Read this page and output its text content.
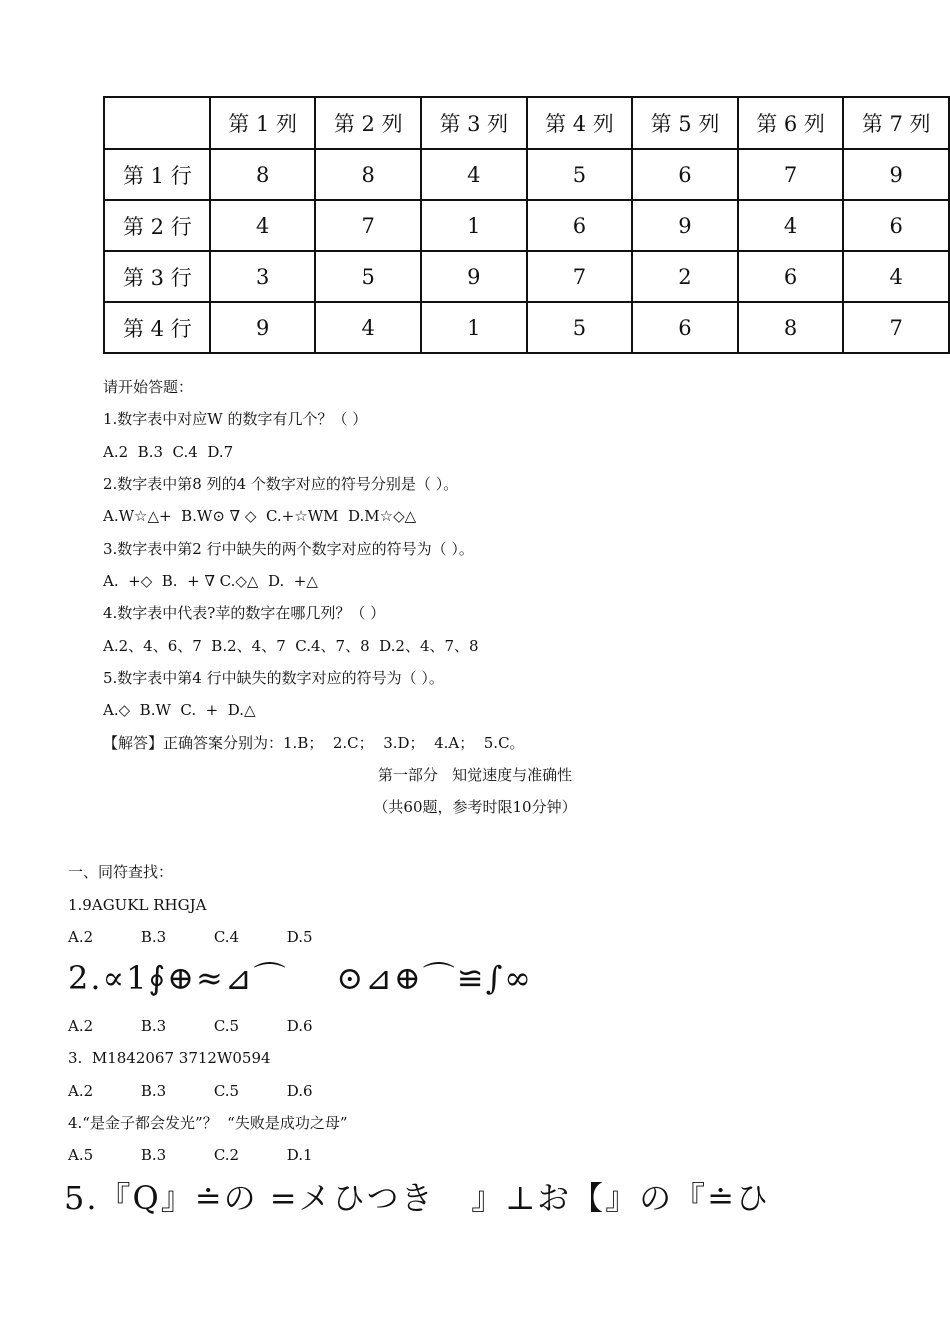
	第 1 列	第 2 列	第 3 列	第 4 列	第 5 列	第 6 列	第 7 列
第 1 行	8	8	4	5	6	7	9
第 2 行	4	7	1	6	9	4	6
第 3 行	3	5	9	7	2	6	4
第 4 行	9	4	1	5	6	8	7
请开始答题：
1.数字表中对应W 的数字有几个？（ ）
A.2  B.3  C.4  D.7
2.数字表中第8 列的4 个数字对应的符号分别是（ ）。
A.W☆△+  B.W⊙ ∇ ◇  C.+☆WM  D.M☆◇△
3.数字表中第2 行中缺失的两个数字对应的符号为（ ）。
A.  +◇  B.  + ∇ C.◇△  D.  +△
4.数字表中代表?苹的数字在哪几列？（ ）
A.2、4、6、7  B.2、4、7  C.4、7、8  D.2、4、7、8
5.数字表中第4 行中缺失的数字对应的符号为（ ）。
A.◇  B.W  C.  +  D.△
【解答】正确答案分别为：1.B；  2.C；  3.D；  4.A；  5.C。
第一部分   知觉速度与准确性
（共60题，参考时限10分钟）
一、同符查找：
1.9AGUKL RHGJA
A.2          B.3          C.4          D.5
2.∝1∮⊕≈⊿⌒    ⊙⊿⊕⌒≌∫∞
A.2          B.3          C.5          D.6
3.  M1842067 3712W0594
A.2          B.3          C.5          D.6
4.“是金子都会发光”？  “失败是成功之母”
A.5          B.3          C.2          D.1
5.『Q』≐の =メひつき   』⊥お【』の『≐ひ
